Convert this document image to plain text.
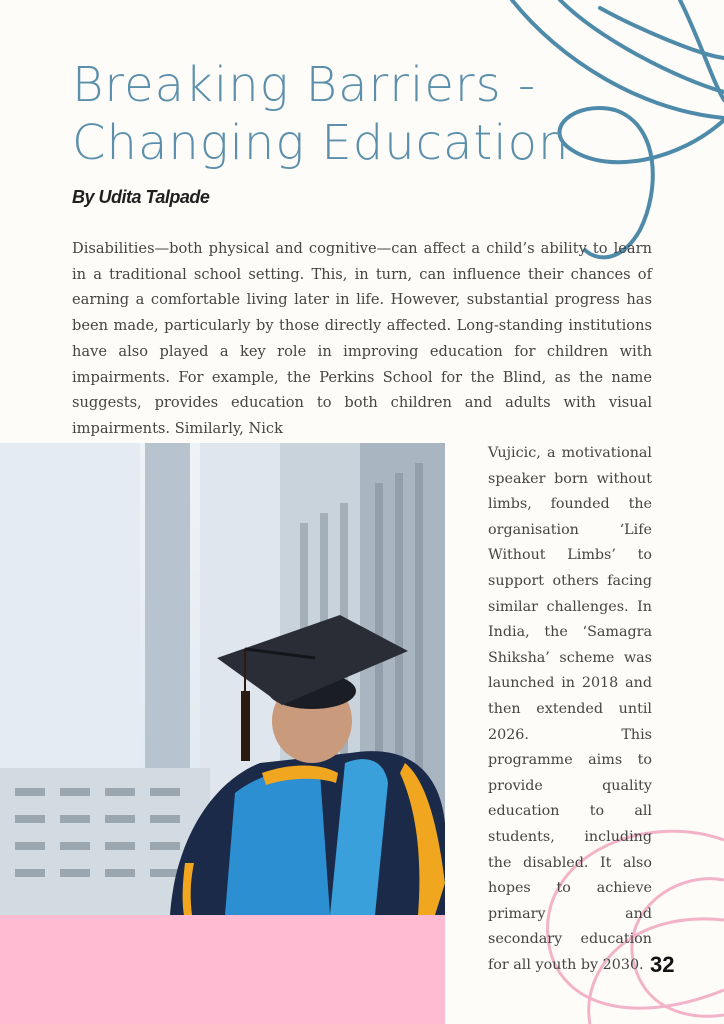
Breaking Barriers -
Changing Education
By Udita Talpade

Disabilities—both physical and cognitive—can affect a child’s ability to learn in a traditional school setting. This, in turn, can influence their chances of earning a comfortable living later in life. However, substantial progress has been made, particularly by those directly affected. Long-standing institutions have also played a key role in improving education for children with impairments. For example, the Perkins School for the Blind, as the name suggests, provides education to both children and adults with visual impairments. Similarly, Nick

Vujicic, a motivational speaker born without limbs, founded the organisation ‘Life Without Limbs’ to support others facing similar challenges. In India, the ‘Samagra Shiksha’ scheme was launched in 2018 and then extended until 2026. This programme aims to provide quality education to all students, including the disabled. It also hopes to achieve primary and secondary education for all youth by 2030. 32
